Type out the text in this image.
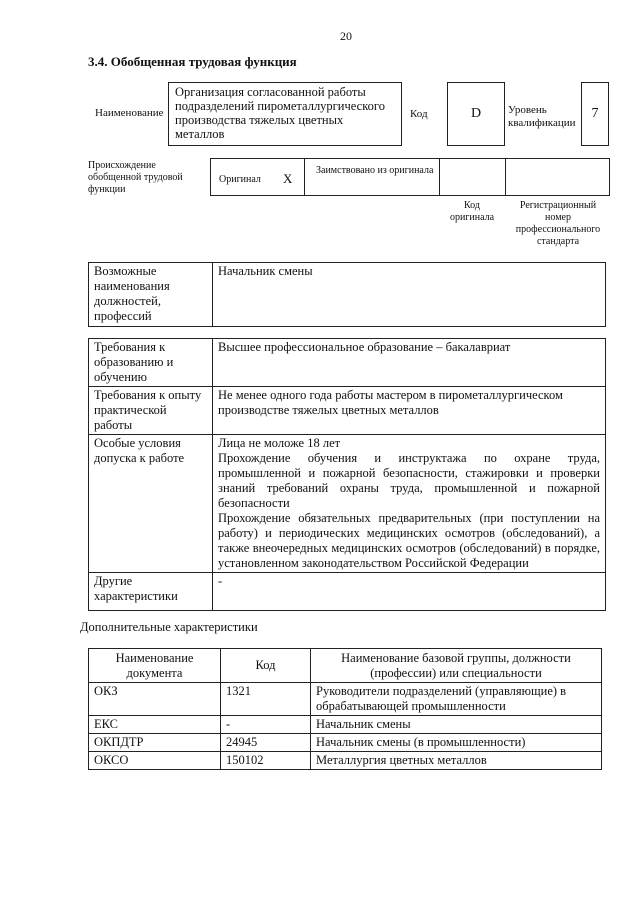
20
3.4. Обобщенная трудовая функция
Наименование
Организация согласованной работы подразделений пирометаллургического производства тяжелых цветных металлов
Код	D	Уровень квалификации
7
Происхождение обобщенной трудовой функции
Оригинал X
Заимствовано из оригинала
Код оригинала
Регистрационный номер профессионального стандарта
Возможные наименования должностей, профессий	Начальник смены
Требования к образованию и обучению	Высшее профессиональное образование – бакалавриат
Требования к опыту практической работы	Не менее одного года работы мастером в пирометаллургическом производстве тяжелых цветных металлов
Особые условия допуска к работе	Лица не моложе 18 лет
Прохождение обучения и инструктажа по охране труда, промышленной и пожарной безопасности, стажировки и проверки знаний требований охраны труда, промышленной и пожарной безопасности
Прохождение обязательных предварительных (при поступлении на работу) и периодических медицинских осмотров (обследований), а также внеочередных медицинских осмотров (обследований) в порядке, установленном законодательством Российской Федерации

Другие характеристики	-
Дополнительные характеристики
Наименование документа	Код	Наименование базовой группы, должности (профессии) или специальности
ОКЗ	1321	Руководители подразделений (управляющие) в обрабатывающей промышленности
ЕКС	-	Начальник смены
ОКПДТР	24945	Начальник смены (в промышленности)
ОКСО	150102	Металлургия цветных металлов
